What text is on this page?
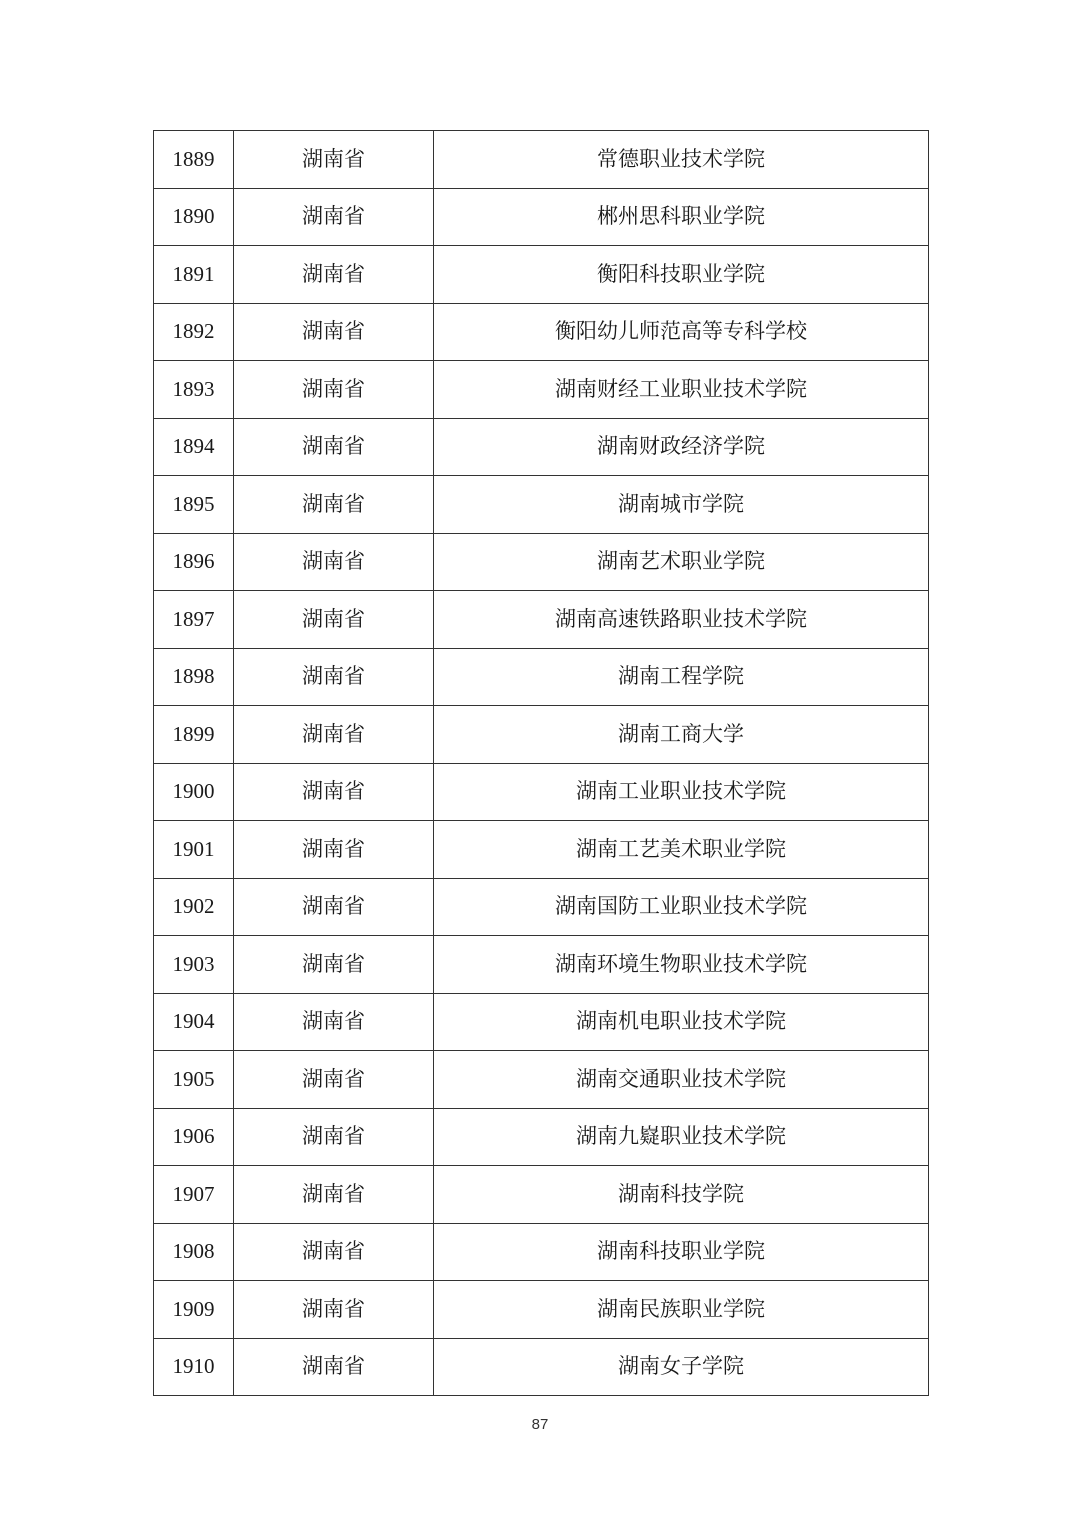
1889	湖南省	常德职业技术学院
1890	湖南省	郴州思科职业学院
1891	湖南省	衡阳科技职业学院
1892	湖南省	衡阳幼儿师范高等专科学校
1893	湖南省	湖南财经工业职业技术学院
1894	湖南省	湖南财政经济学院
1895	湖南省	湖南城市学院
1896	湖南省	湖南艺术职业学院
1897	湖南省	湖南高速铁路职业技术学院
1898	湖南省	湖南工程学院
1899	湖南省	湖南工商大学
1900	湖南省	湖南工业职业技术学院
1901	湖南省	湖南工艺美术职业学院
1902	湖南省	湖南国防工业职业技术学院
1903	湖南省	湖南环境生物职业技术学院
1904	湖南省	湖南机电职业技术学院
1905	湖南省	湖南交通职业技术学院
1906	湖南省	湖南九嶷职业技术学院
1907	湖南省	湖南科技学院
1908	湖南省	湖南科技职业学院
1909	湖南省	湖南民族职业学院
1910	湖南省	湖南女子学院
87
